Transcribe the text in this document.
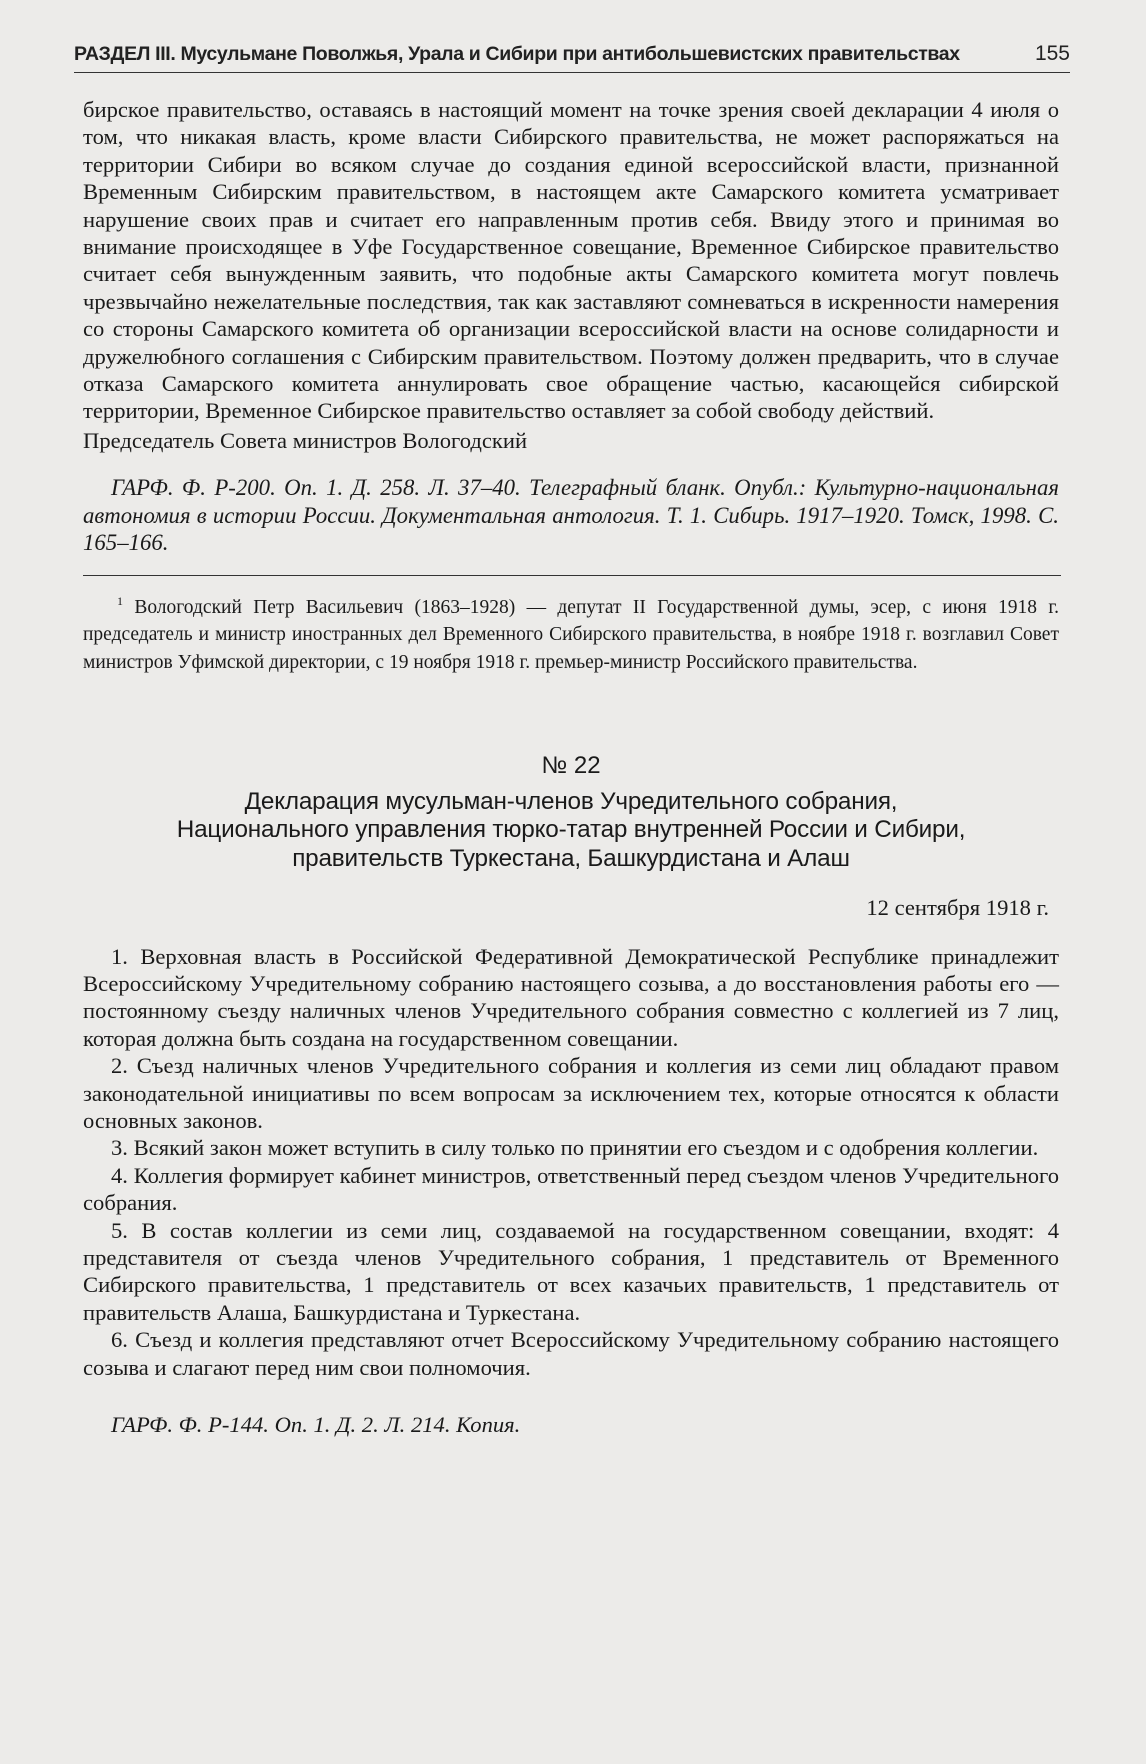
РАЗДЕЛ III. Мусульмане Поволжья, Урала и Сибири при антибольшевистских правительствах	155

бирское правительство, оставаясь в настоящий момент на точке зрения своей декларации 4 июля о том, что никакая власть, кроме власти Сибирского правительства, не может распоряжаться на территории Сибири во всяком случае до создания единой всероссийской власти, признанной Временным Сибирским правительством, в настоящем акте Самарского комитета усматривает нарушение своих прав и считает его направленным против себя. Ввиду этого и принимая во внимание происходящее в Уфе Государственное совещание, Временное Сибирское правительство считает себя вынужденным заявить, что подобные акты Самарского комитета могут повлечь чрезвычайно нежелательные последствия, так как заставляют сомневаться в искренности намерения со стороны Самарского комитета об организации всероссийской власти на основе солидарности и дружелюбного соглашения с Сибирским правительством. Поэтому должен предварить, что в случае отказа Самарского комитета аннулировать свое обращение частью, касающейся сибирской территории, Временное Сибирское правительство оставляет за собой свободу действий.

Председатель Совета министров Вологодский

ГАРФ. Ф. Р-200. Оп. 1. Д. 258. Л. 37–40. Телеграфный бланк. Опубл.: Культурно-национальная автономия в истории России. Документальная антология. Т. 1. Сибирь. 1917–1920. Томск, 1998. С. 165–166.

$^1$ Вологодский Петр Васильевич (1863–1928) — депутат II Государственной думы, эсер, с июня 1918 г. председатель и министр иностранных дел Временного Сибирского правительства, в ноябре 1918 г. возглавил Совет министров Уфимской директории, с 19 ноября 1918 г. премьер-министр Российского правительства.

№ 22
Декларация мусульман-членов Учредительного собрания,
Национального управления тюрко-татар внутренней России и Сибири,
правительств Туркестана, Башкурдистана и Алаш
12 сентября 1918 г.

1. Верховная власть в Российской Федеративной Демократической Республике принадлежит Всероссийскому Учредительному собранию настоящего созыва, а до восстановления работы его — постоянному съезду наличных членов Учредительного собрания совместно с коллегией из 7 лиц, которая должна быть создана на государственном совещании.

2. Съезд наличных членов Учредительного собрания и коллегия из семи лиц обладают правом законодательной инициативы по всем вопросам за исключением тех, которые относятся к области основных законов.

3. Всякий закон может вступить в силу только по принятии его съездом и с одобрения коллегии.

4. Коллегия формирует кабинет министров, ответственный перед съездом членов Учредительного собрания.

5. В состав коллегии из семи лиц, создаваемой на государственном совещании, входят: 4 представителя от съезда членов Учредительного собрания, 1 представитель от Временного Сибирского правительства, 1 представитель от всех казачьих правительств, 1 представитель от правительств Алаша, Башкурдистана и Туркестана.

6. Съезд и коллегия представляют отчет Всероссийскому Учредительному собранию настоящего созыва и слагают перед ним свои полномочия.

ГАРФ. Ф. Р-144. Оп. 1. Д. 2. Л. 214. Копия.
